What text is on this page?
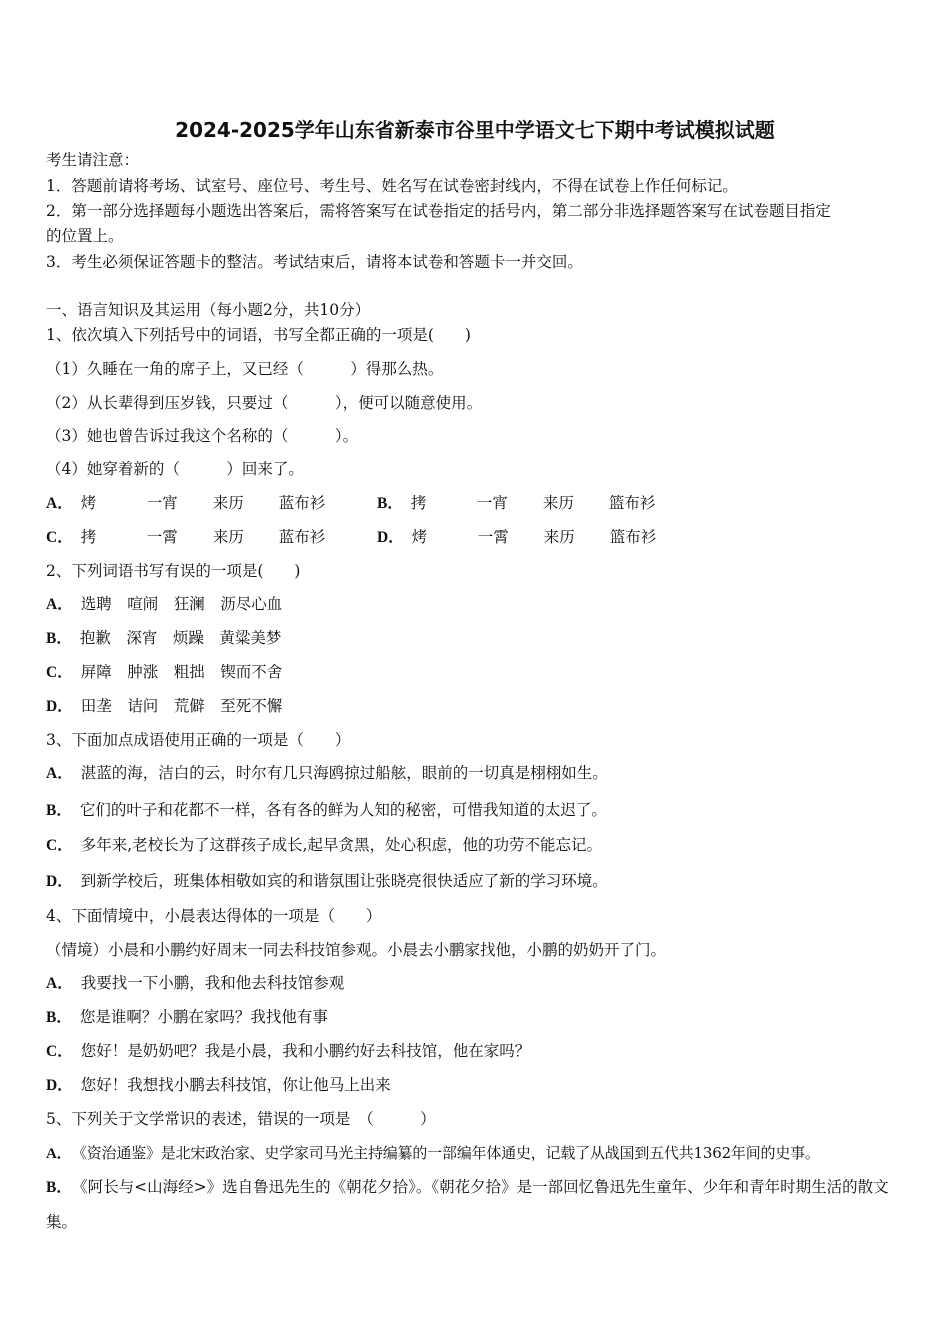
2024-2025学年山东省新泰市谷里中学语文七下期中考试模拟试题
考生请注意：
1．答题前请将考场、试室号、座位号、考生号、姓名写在试卷密封线内，不得在试卷上作任何标记。
2．第一部分选择题每小题选出答案后，需将答案写在试卷指定的括号内，第二部分非选择题答案写在试卷题目指定
的位置上。
3．考生必须保证答题卡的整洁。考试结束后，请将本试卷和答题卡一并交回。
一、语言知识及其运用（每小题2分，共10分）
1、依次填入下列括号中的词语，书写全都正确的一项是(　　)
（1）久睡在一角的席子上，又已经（　　　）得那么热。
（2）从长辈得到压岁钱，只要过（　　　），便可以随意使用。
（3）她也曾告诉过我这个名称的（　　　）。
（4）她穿着新的（　　　）回来了。
A． 烤	一宵 来历 蓝布衫	B． 拷	一宵 来历 篮布衫
C． 拷	一霄 来历 蓝布衫	D． 烤	一霄 来历 篮布衫
2、下列词语书写有误的一项是(　　)
A． 选聘　喧闹　狂澜　沥尽心血
B． 抱歉　深宵　烦躁　黄粱美梦
C． 屏障　肿涨　粗拙　锲而不舍
D． 田垄　诘问　荒僻　至死不懈
3、下面加点成语使用正确的一项是（　　）
A． 湛蓝的海，洁白的云，时尔有几只海鸥掠过船舷，眼前的一切真是栩栩如生。
B． 它们的叶子和花都不一样，各有各的鲜为人知的秘密，可惜我知道的太迟了。
C． 多年来,老校长为了这群孩子成长,起早贪黑，处心积虑，他的功劳不能忘记。
D． 到新学校后，班集体相敬如宾的和谐氛围让张晓亮很快适应了新的学习环境。
4、下面情境中，小晨表达得体的一项是（　　）
（情境）小晨和小鹏约好周末一同去科技馆参观。小晨去小鹏家找他，小鹏的奶奶开了门。
A． 我要找一下小鹏，我和他去科技馆参观
B． 您是谁啊？小鹏在家吗？我找他有事
C． 您好！是奶奶吧？我是小晨，我和小鹏约好去科技馆，他在家吗？
D． 您好！我想找小鹏去科技馆，你让他马上出来
5、下列关于文学常识的表述，错误的一项是　（　　　）
A． 《资治通鉴》是北宋政治家、史学家司马光主持编纂的一部编年体通史，记载了从战国到五代共1362年间的史事。
B． 《阿长与<山海经>》选自鲁迅先生的《朝花夕拾》。《朝花夕拾》是一部回忆鲁迅先生童年、少年和青年时期生活的散文集。
